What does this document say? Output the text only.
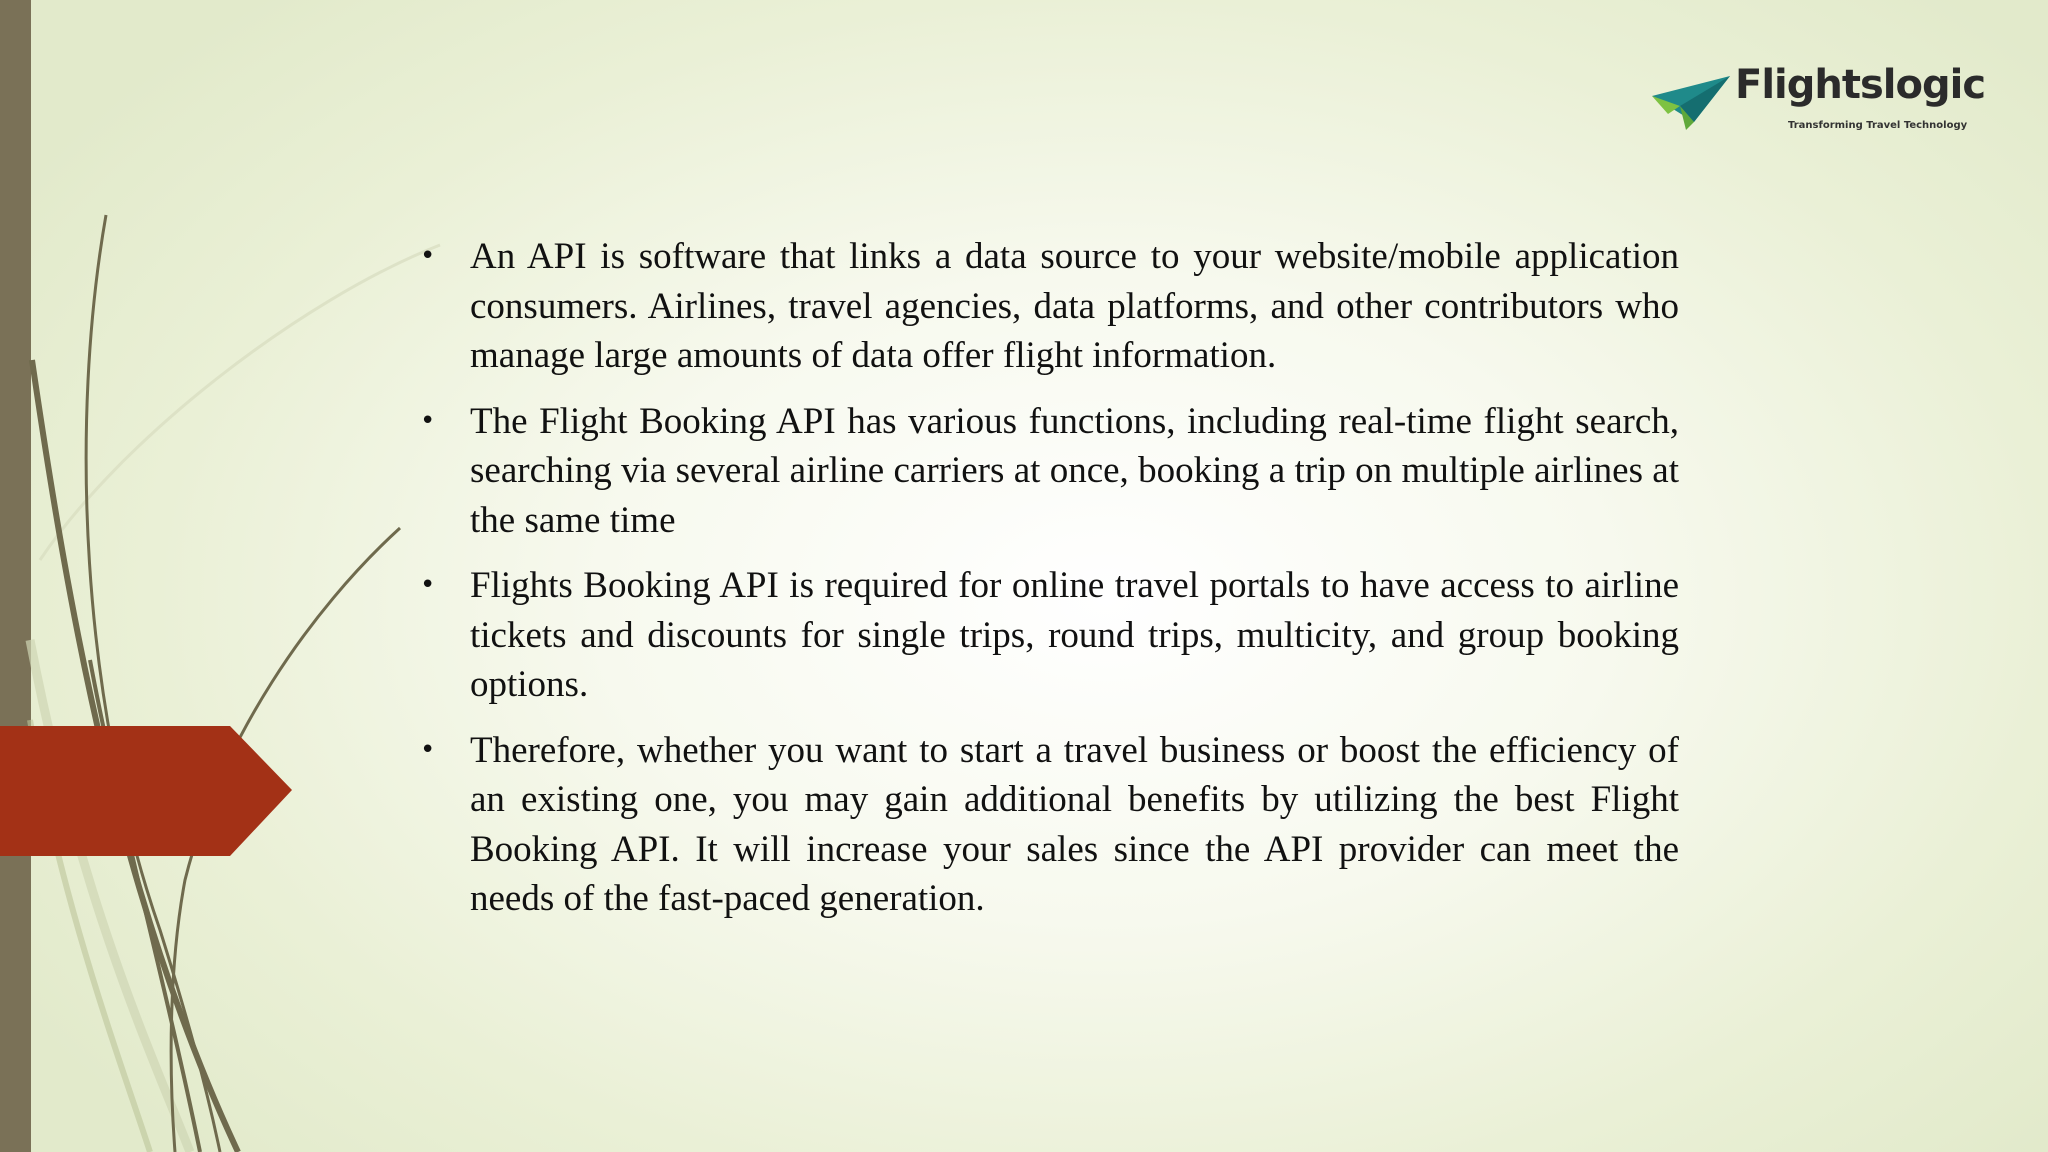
Flightslogic
Transforming Travel Technology

• An API is software that links a data source to your website/mobile application consumers. Airlines, travel agencies, data platforms, and other contributors who manage large amounts of data offer flight information.

• The Flight Booking API has various functions, including real-time flight search, searching via several airline carriers at once, booking a trip on multiple airlines at the same time

• Flights Booking API is required for online travel portals to have access to airline tickets and discounts for single trips, round trips, multicity, and group booking options.

• Therefore, whether you want to start a travel business or boost the efficiency of an existing one, you may gain additional benefits by utilizing the best Flight Booking API. It will increase your sales since the API provider can meet the needs of the fast-paced generation.
